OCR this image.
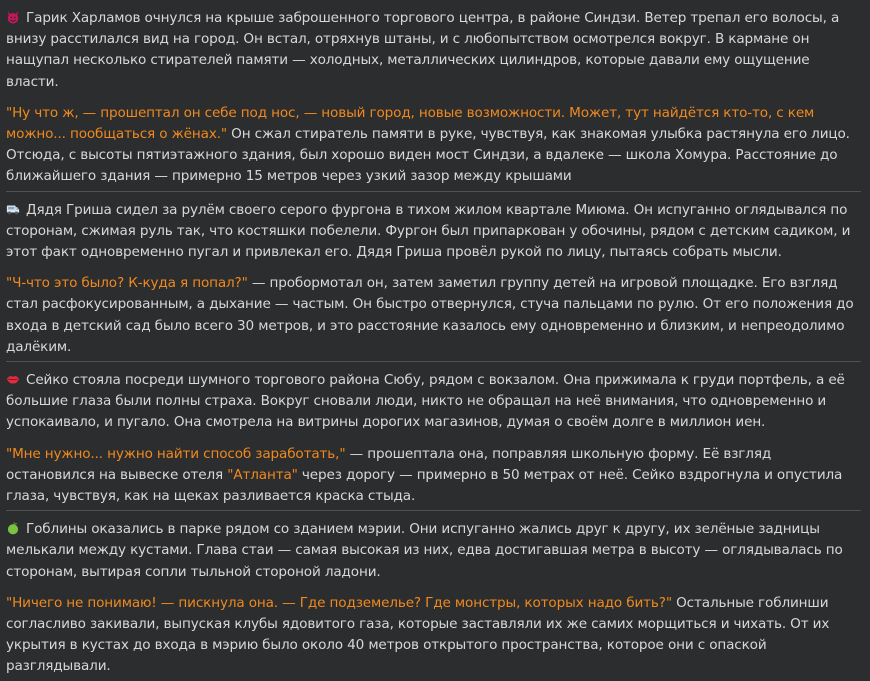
Гарик Харламов очнулся на крыше заброшенного торгового центра, в районе Синдзи. Ветер трепал его волосы, а внизу расстилался вид на город. Он встал, отряхнув штаны, и с любопытством осмотрелся вокруг. В кармане он нащупал несколько стирателей памяти — холодных, металлических цилиндров, которые давали ему ощущение власти.

"Ну что ж, — прошептал он себе под нос, — новый город, новые возможности. Может, тут найдётся кто-то, с кем можно... пообщаться о жёнах." Он сжал стиратель памяти в руке, чувствуя, как знакомая улыбка растянула его лицо. Отсюда, с высоты пятиэтажного здания, был хорошо виден мост Синдзи, а вдалеке — школа Хомура. Расстояние до ближайшего здания — примерно 15 метров через узкий зазор между крышами

Дядя Гриша сидел за рулём своего серого фургона в тихом жилом квартале Миюма. Он испуганно оглядывался по сторонам, сжимая руль так, что костяшки побелели. Фургон был припаркован у обочины, рядом с детским садиком, и этот факт одновременно пугал и привлекал его. Дядя Гриша провёл рукой по лицу, пытаясь собрать мысли.

"Ч-что это было? К-куда я попал?" — пробормотал он, затем заметил группу детей на игровой площадке. Его взгляд стал расфокусированным, а дыхание — частым. Он быстро отвернулся, стуча пальцами по рулю. От его положения до входа в детский сад было всего 30 метров, и это расстояние казалось ему одновременно и близким, и непреодолимо далёким.

Сейко стояла посреди шумного торгового района Сюбу, рядом с вокзалом. Она прижимала к груди портфель, а её большие глаза были полны страха. Вокруг сновали люди, никто не обращал на неё внимания, что одновременно и успокаивало, и пугало. Она смотрела на витрины дорогих магазинов, думая о своём долге в миллион иен.

"Мне нужно... нужно найти способ заработать," — прошептала она, поправляя школьную форму. Её взгляд остановился на вывеске отеля "Атланта" через дорогу — примерно в 50 метрах от неё. Сейко вздрогнула и опустила глаза, чувствуя, как на щеках разливается краска стыда.

Гоблины оказались в парке рядом со зданием мэрии. Они испуганно жались друг к другу, их зелёные задницы мелькали между кустами. Глава стаи — самая высокая из них, едва достигавшая метра в высоту — оглядывалась по сторонам, вытирая сопли тыльной стороной ладони.

"Ничего не понимаю! — пискнула она. — Где подземелье? Где монстры, которых надо бить?" Остальные гоблинши согласливо закивали, выпуская клубы ядовитого газа, которые заставляли их же самих морщиться и чихать. От их укрытия в кустах до входа в мэрию было около 40 метров открытого пространства, которое они с опаской разглядывали.
